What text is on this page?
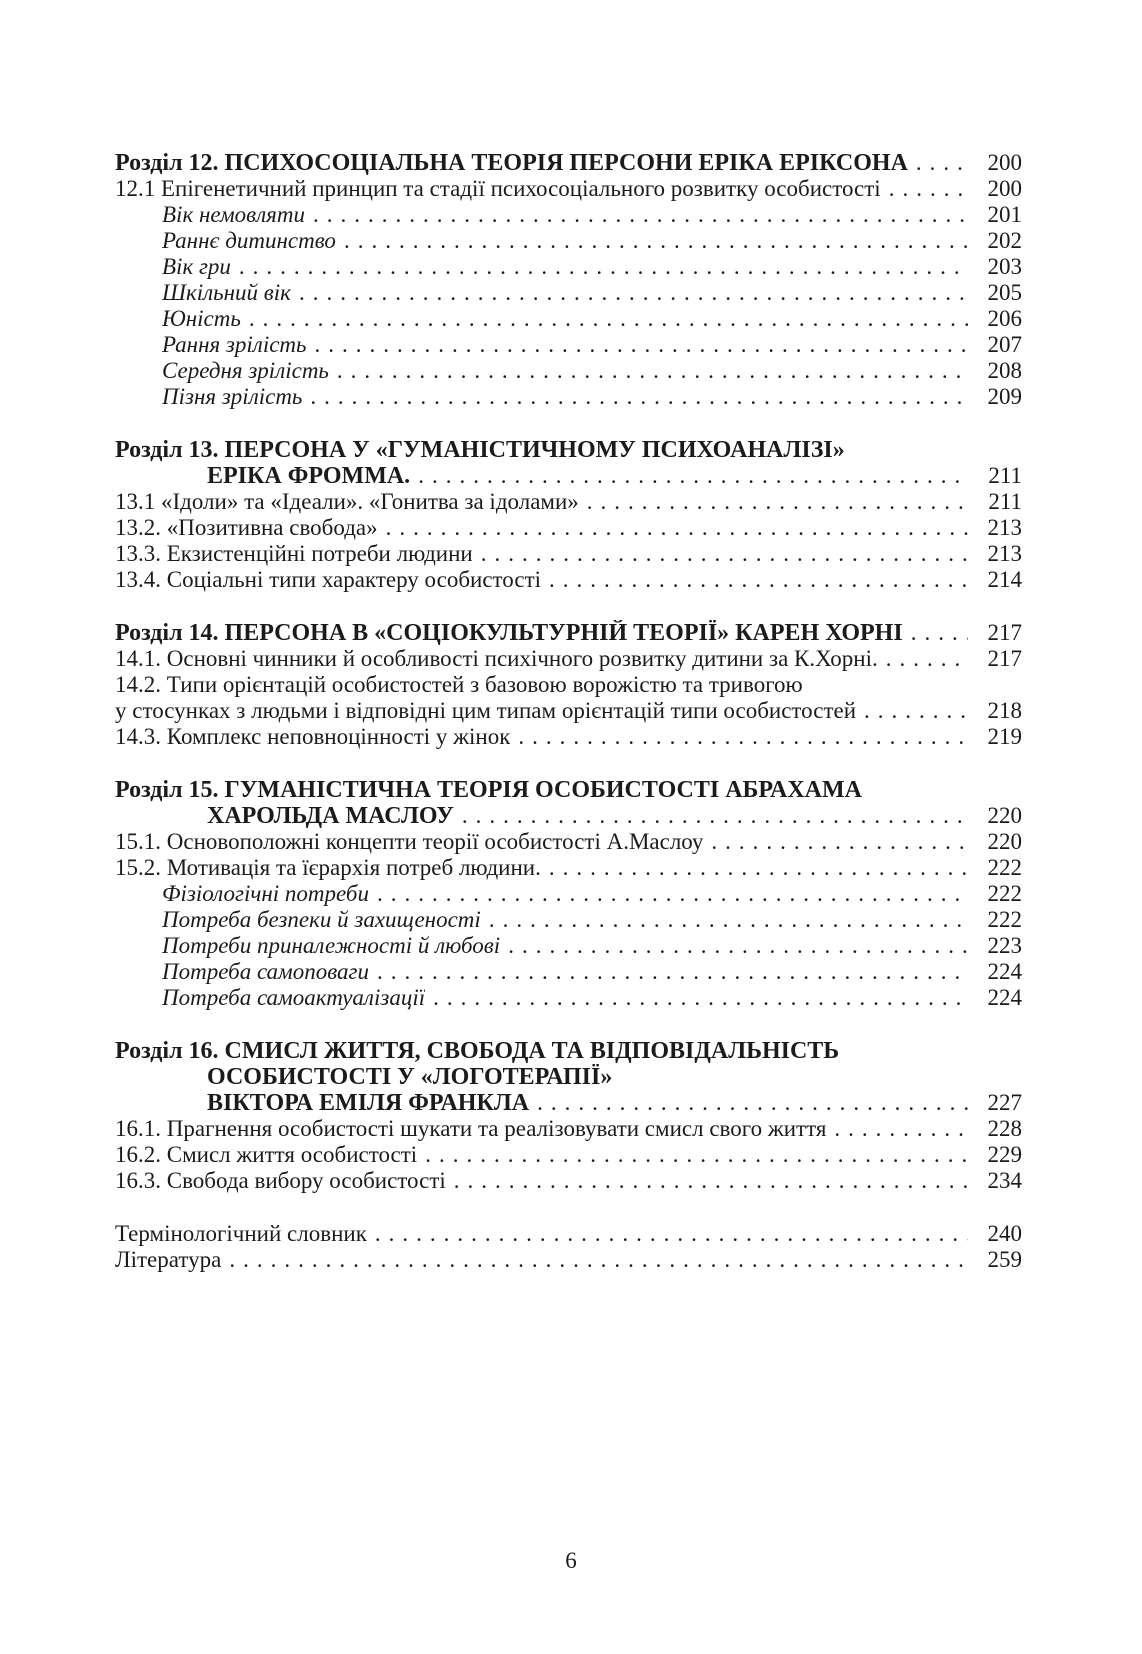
Розділ 12. ПСИХОСОЦІАЛЬНА ТЕОРІЯ ПЕРСОНИ ЕРІКА ЕРІКСОНА .....	200
12.1 Епігенетичний принцип та стадії психосоціального розвитку особистості .....	200
Вік немовляти .....	201
Раннє дитинство .....	202
Вік гри .....	203
Шкільний вік .....	205
Юність .....	206
Рання зрілість .....	207
Середня зрілість .....	208
Пізня зрілість .....	209
Розділ 13. ПЕРСОНА У «ГУМАНІСТИЧНОМУ ПСИХОАНАЛІЗІ»
ЕРІКА ФРОММА. .....	211
13.1 «Ідоли» та «Ідеали». «Гонитва за ідолами» .....	211
13.2. «Позитивна свобода» .....	213
13.3. Екзистенційні потреби людини .....	213
13.4. Соціальні типи характеру особистості .....	214
Розділ 14. ПЕРСОНА В «СОЦІОКУЛЬТУРНІЙ ТЕОРІЇ» КАРЕН ХОРНІ .....	217
14.1. Основні чинники й особливості психічного розвитку дитини за К.Хорні. .....	217
14.2. Типи орієнтацій особистостей з базовою ворожістю та тривогою
у стосунках з людьми і відповідні цим типам орієнтацій типи особистостей .....	218
14.3. Комплекс неповноцінності у жінок .....	219
Розділ 15. ГУМАНІСТИЧНА ТЕОРІЯ ОСОБИСТОСТІ АБРАХАМА
ХАРОЛЬДА МАСЛОУ .....	220
15.1. Основоположні концепти теорії особистості А.Маслоу .....	220
15.2. Мотивація та їєрархія потреб людини. .....	222
Фізіологічні потреби .....	222
Потреба безпеки й захищеності .....	222
Потреби приналежності й любові .....	223
Потреба самоповаги .....	224
Потреба самоактуалізації .....	224
Розділ 16. СМИСЛ ЖИТТЯ, СВОБОДА ТА ВІДПОВІДАЛЬНІСТЬ
ОСОБИСТОСТІ У «ЛОГОТЕРАПІЇ»
ВІКТОРА ЕМІЛЯ ФРАНКЛА .....	227
16.1. Прагнення особистості шукати та реалізовувати смисл свого життя .....	228
16.2. Смисл життя особистості .....	229
16.3. Свобода вибору особистості .....	234
Термінологічний словник .....	240
Література .....	259
6
